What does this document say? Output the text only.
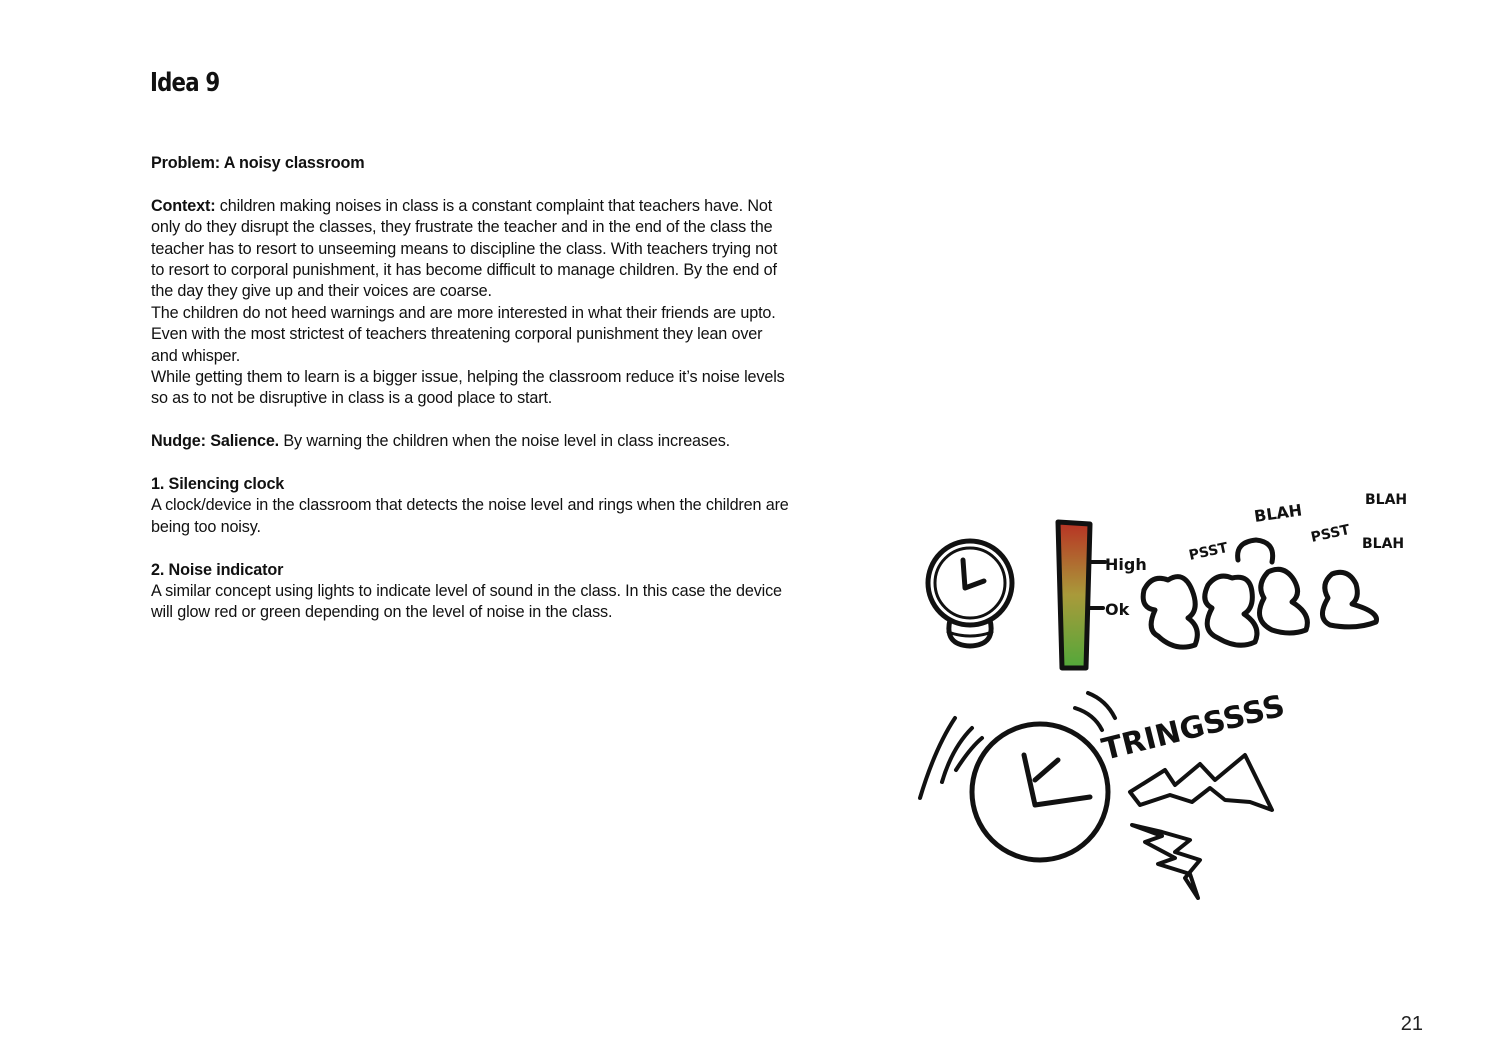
Idea 9

Problem: A noisy classroom

Context: children making noises in class is a constant complaint that teachers have. Not only do they disrupt the classes, they frustrate the teacher and in the end of the class the teacher has to resort to unseeming means to discipline the class. With teachers trying not to resort to corporal punishment, it has become difficult to manage children. By the end of the day they give up and their voices are coarse.

The children do not heed warnings and are more interested in what their friends are upto. Even with the most strictest of teachers threatening corporal punishment they lean over and whisper.

While getting them to learn is a bigger issue, helping the classroom reduce it’s noise levels so as to not be disruptive in class is a good place to start.

Nudge: Salience. By warning the children when the noise level in class increases.

1. Silencing clock

A clock/device in the classroom that detects the noise level and rings when the children are being too noisy.

2. Noise indicator

A similar concept using lights to indicate level of sound in the class. In this case the device will glow red or green depending on the level of noise in the class.

High
Ok
PSST
PSST
BLAH
BLAH
BLAH
TRINGSSSS
21
